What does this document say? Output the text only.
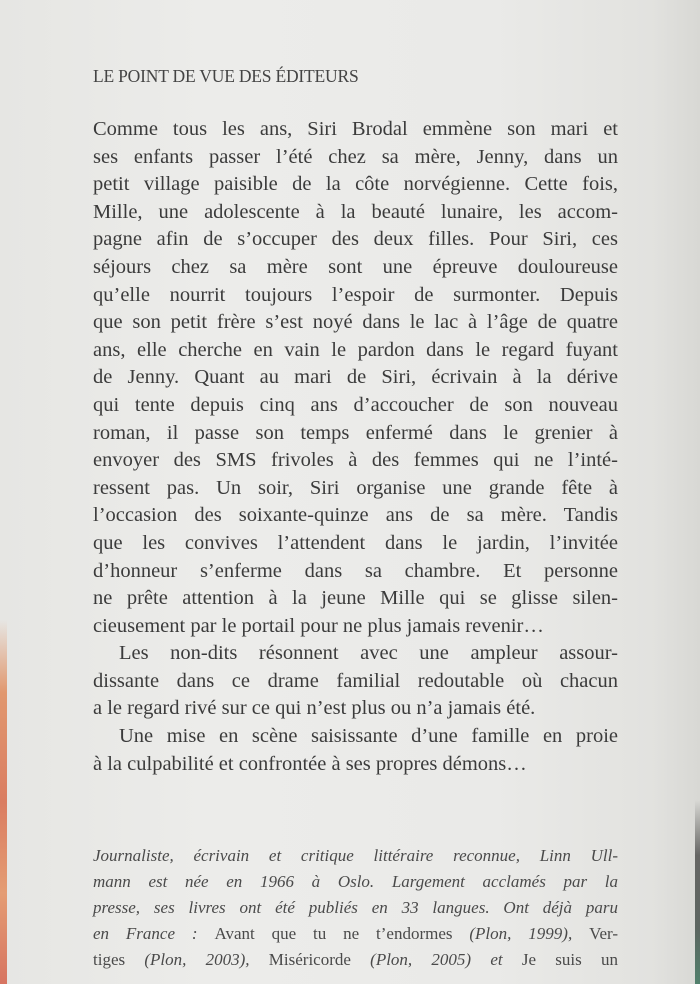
LE POINT DE VUE DES ÉDITEURS
Comme tous les ans, Siri Brodal emmène son mari et
ses enfants passer l’été chez sa mère, Jenny, dans un
petit village paisible de la côte norvégienne. Cette fois,
Mille, une adolescente à la beauté lunaire, les accom-
pagne afin de s’occuper des deux filles. Pour Siri, ces
séjours chez sa mère sont une épreuve douloureuse
qu’elle nourrit toujours l’espoir de surmonter. Depuis
que son petit frère s’est noyé dans le lac à l’âge de quatre
ans, elle cherche en vain le pardon dans le regard fuyant
de Jenny. Quant au mari de Siri, écrivain à la dérive
qui tente depuis cinq ans d’accoucher de son nouveau
roman, il passe son temps enfermé dans le grenier à
envoyer des SMS frivoles à des femmes qui ne l’inté-
ressent pas. Un soir, Siri organise une grande fête à
l’occasion des soixante-quinze ans de sa mère. Tandis
que les convives l’attendent dans le jardin, l’invitée
d’honneur s’enferme dans sa chambre. Et personne
ne prête attention à la jeune Mille qui se glisse silen-
cieusement par le portail pour ne plus jamais revenir…
Les non-dits résonnent avec une ampleur assour-
dissante dans ce drame familial redoutable où chacun
a le regard rivé sur ce qui n’est plus ou n’a jamais été.
Une mise en scène saisissante d’une famille en proie
à la culpabilité et confrontée à ses propres démons…
Journaliste, écrivain et critique littéraire reconnue, Linn Ull-
mann est née en 1966 à Oslo. Largement acclamés par la
presse, ses livres ont été publiés en 33 langues. Ont déjà paru
en France : Avant que tu ne t’endormes (Plon, 1999), Ver-
tiges (Plon, 2003), Miséricorde (Plon, 2005) et Je suis un
